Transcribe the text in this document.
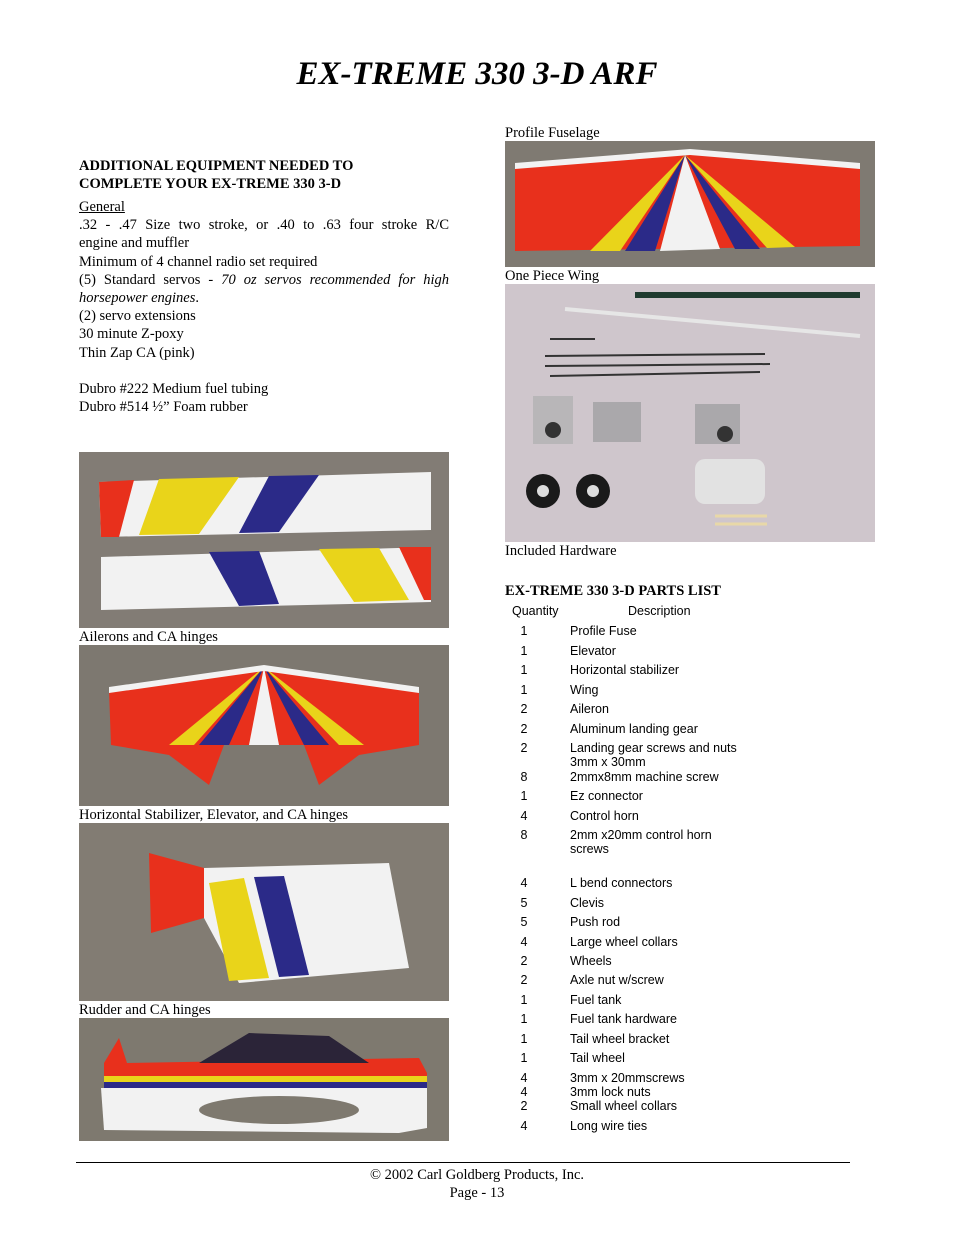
EX-TREME 330 3-D ARF
ADDITIONAL EQUIPMENT NEEDED TO
COMPLETE YOUR EX-TREME 330 3-D
General
.32 - .47 Size two stroke, or .40 to .63 four stroke R/C
engine and muffler
Minimum of 4 channel radio set required
(5) Standard servos - 70 oz servos recommended for high
horsepower engines.
(2) servo extensions
30 minute Z-poxy
Thin Zap CA (pink)
Dubro #222 Medium fuel tubing
Dubro #514 ½” Foam rubber
Ailerons and CA hinges
Horizontal Stabilizer, Elevator, and CA hinges
Rudder and CA hinges
Profile Fuselage
One Piece Wing
Included Hardware
EX-TREME 330 3-D PARTS LIST
Quantity	Description
1	Profile Fuse
1	Elevator
1	Horizontal stabilizer
1	Wing
2	Aileron
2	Aluminum landing gear
2	Landing gear screws and nuts
3mm x 30mm
8	2mmx8mm machine screw
1	Ez connector
4	Control horn
8	2mm x20mm control horn
screws
4	L bend connectors
5	Clevis
5	Push rod
4	Large wheel collars
2	Wheels
2	Axle nut w/screw
1	Fuel tank
1	Fuel tank hardware
1	Tail wheel bracket
1	Tail wheel
4	3mm x 20mmscrews
4	3mm lock nuts
2	Small wheel collars
4	Long wire ties
© 2002 Carl Goldberg Products, Inc.
Page - 13
